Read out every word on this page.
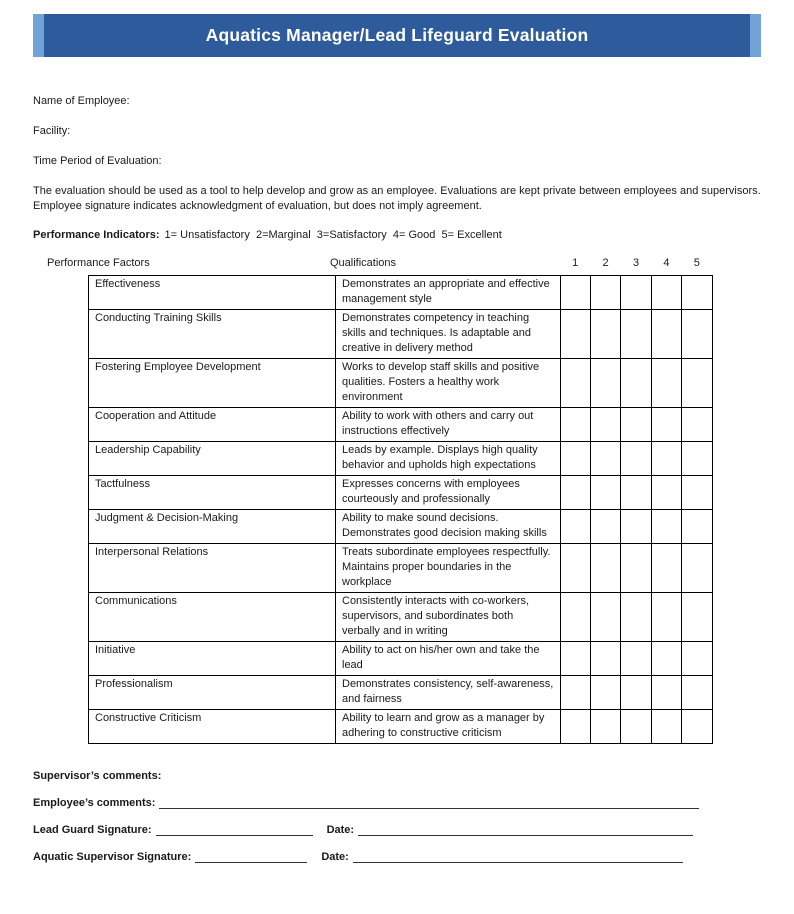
Aquatics Manager/Lead Lifeguard Evaluation

Name of Employee:

Facility:

Time Period of Evaluation:

The evaluation should be used as a tool to help develop and grow as an employee. Evaluations are kept private between employees and supervisors. Employee signature indicates acknowledgment of evaluation, but does not imply agreement.

Performance Indicators: 1= Unsatisfactory  2=Marginal  3=Satisfactory  4= Good  5= Excellent

Performance Factors	Qualifications	1	2	3	4	5
Effectiveness	Demonstrates an appropriate and effective management style					
Conducting Training Skills	Demonstrates competency in teaching skills and techniques. Is adaptable and creative in delivery method					
Fostering Employee Development	Works to develop staff skills and positive qualities. Fosters a healthy work environment					
Cooperation and Attitude	Ability to work with others and carry out instructions effectively					
Leadership Capability	Leads by example. Displays high quality behavior and upholds high expectations					
Tactfulness	Expresses concerns with employees courteously and professionally					
Judgment & Decision-Making	Ability to make sound decisions. Demonstrates good decision making skills					
Interpersonal Relations	Treats subordinate employees respectfully. Maintains proper boundaries in the workplace					
Communications	Consistently interacts with co-workers, supervisors, and subordinates both verbally and in writing					
Initiative	Ability to act on his/her own and take the lead					
Professionalism	Demonstrates consistency, self-awareness, and fairness					
Constructive Criticism	Ability to learn and grow as a manager by adhering to constructive criticism					
Supervisor’s comments:
Employee’s comments:
Lead Guard Signature:	Date:
Aquatic Supervisor Signature:	Date:
